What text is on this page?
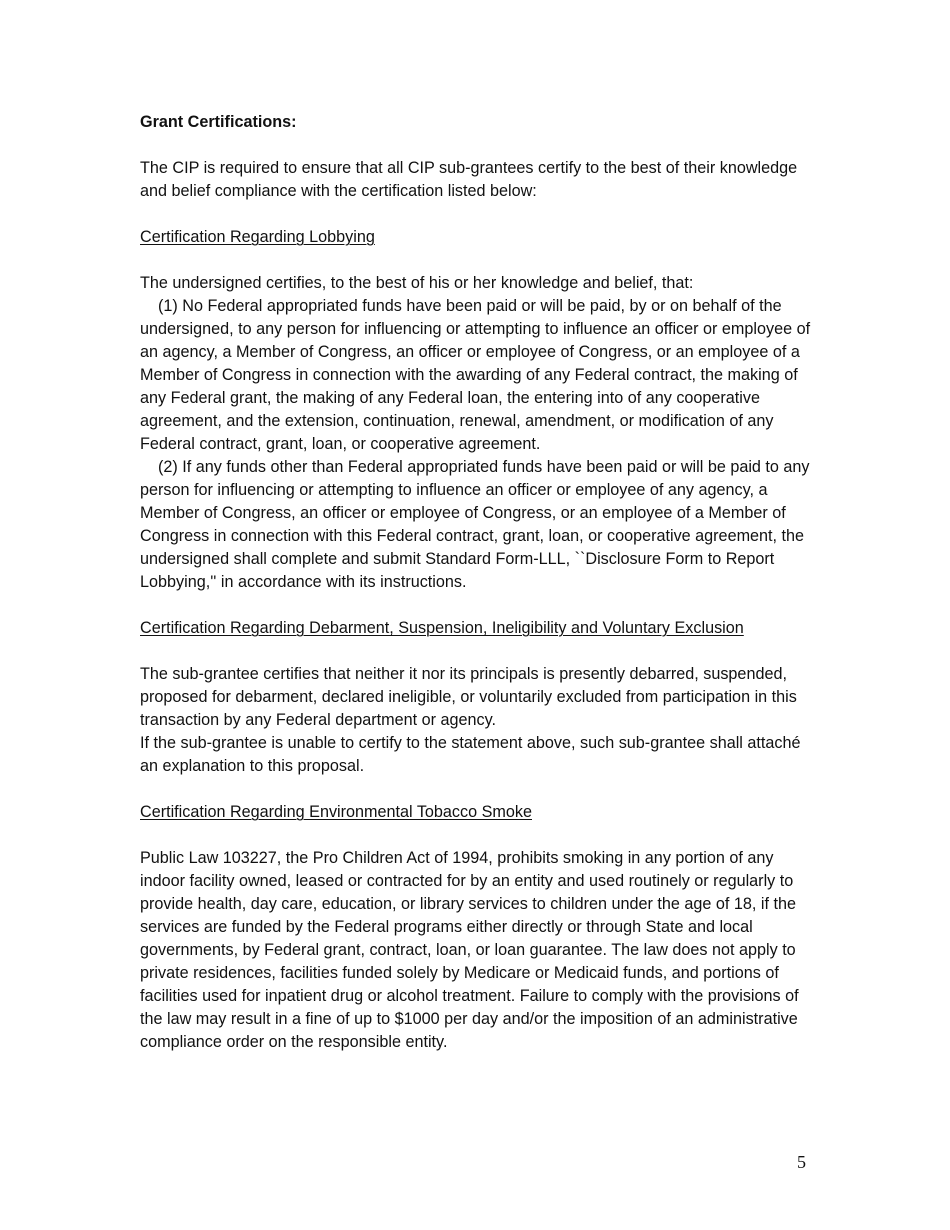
Grant Certifications:

The CIP is required to ensure that all CIP sub-grantees certify to the best of their knowledge and belief compliance with the certification listed below:

Certification Regarding Lobbying

The undersigned certifies, to the best of his or her knowledge and belief, that:

(1) No Federal appropriated funds have been paid or will be paid, by or on behalf of the undersigned, to any person for influencing or attempting to influence an officer or employee of an agency, a Member of Congress, an officer or employee of Congress, or an employee of a Member of Congress in connection with the awarding of any Federal contract, the making of any Federal grant, the making of any Federal loan, the entering into of any cooperative agreement, and the extension, continuation, renewal, amendment, or modification of any Federal contract, grant, loan, or cooperative agreement.

(2) If any funds other than Federal appropriated funds have been paid or will be paid to any person for influencing or attempting to influence an officer or employee of any agency, a Member of Congress, an officer or employee of Congress, or an employee of a Member of Congress in connection with this Federal contract, grant, loan, or cooperative agreement, the undersigned shall complete and submit Standard Form-LLL, ``Disclosure Form to Report Lobbying,'' in accordance with its instructions.

Certification Regarding Debarment, Suspension, Ineligibility and Voluntary Exclusion

The sub-grantee certifies that neither it nor its principals is presently debarred, suspended, proposed for debarment, declared ineligible, or voluntarily excluded from participation in this transaction by any Federal department or agency.

If the sub-grantee is unable to certify to the statement above, such sub-grantee shall attaché an explanation to this proposal.

Certification Regarding Environmental Tobacco Smoke

Public Law 103227, the Pro Children Act of 1994, prohibits smoking in any portion of any indoor facility owned, leased or contracted for by an entity and used routinely or regularly to provide health, day care, education, or library services to children under the age of 18, if the services are funded by the Federal programs either directly or through State and local governments, by Federal grant, contract, loan, or loan guarantee. The law does not apply to private residences, facilities funded solely by Medicare or Medicaid funds, and portions of facilities used for inpatient drug or alcohol treatment. Failure to comply with the provisions of the law may result in a fine of up to $1000 per day and/or the imposition of an administrative compliance order on the responsible entity.

5
